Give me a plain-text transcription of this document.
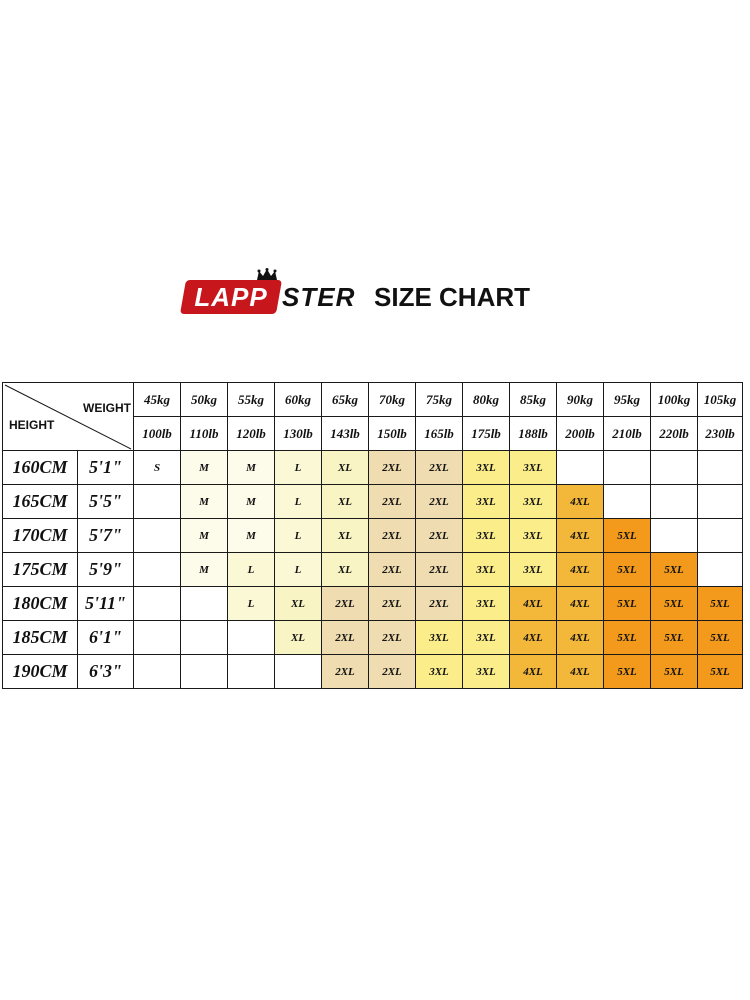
LAPP STER SIZE CHART
WEIGHT
HEIGHT		45kg	50kg	55kg	60kg	65kg	70kg	75kg	80kg	85kg	90kg	95kg	100kg	105kg
		100lb	110lb	120lb	130lb	143lb	150lb	165lb	175lb	188lb	200lb	210lb	220lb	230lb
160CM	5'1"	S	M	M	L	XL	2XL	2XL	3XL	3XL				
165CM	5'5"		M	M	L	XL	2XL	2XL	3XL	3XL	4XL			
170CM	5'7"		M	M	L	XL	2XL	2XL	3XL	3XL	4XL	5XL		
175CM	5'9"		M	L	L	XL	2XL	2XL	3XL	3XL	4XL	5XL	5XL	
180CM	5'11"			L	XL	2XL	2XL	2XL	3XL	4XL	4XL	5XL	5XL	5XL
185CM	6'1"				XL	2XL	2XL	3XL	3XL	4XL	4XL	5XL	5XL	5XL
190CM	6'3"					2XL	2XL	3XL	3XL	4XL	4XL	5XL	5XL	5XL
